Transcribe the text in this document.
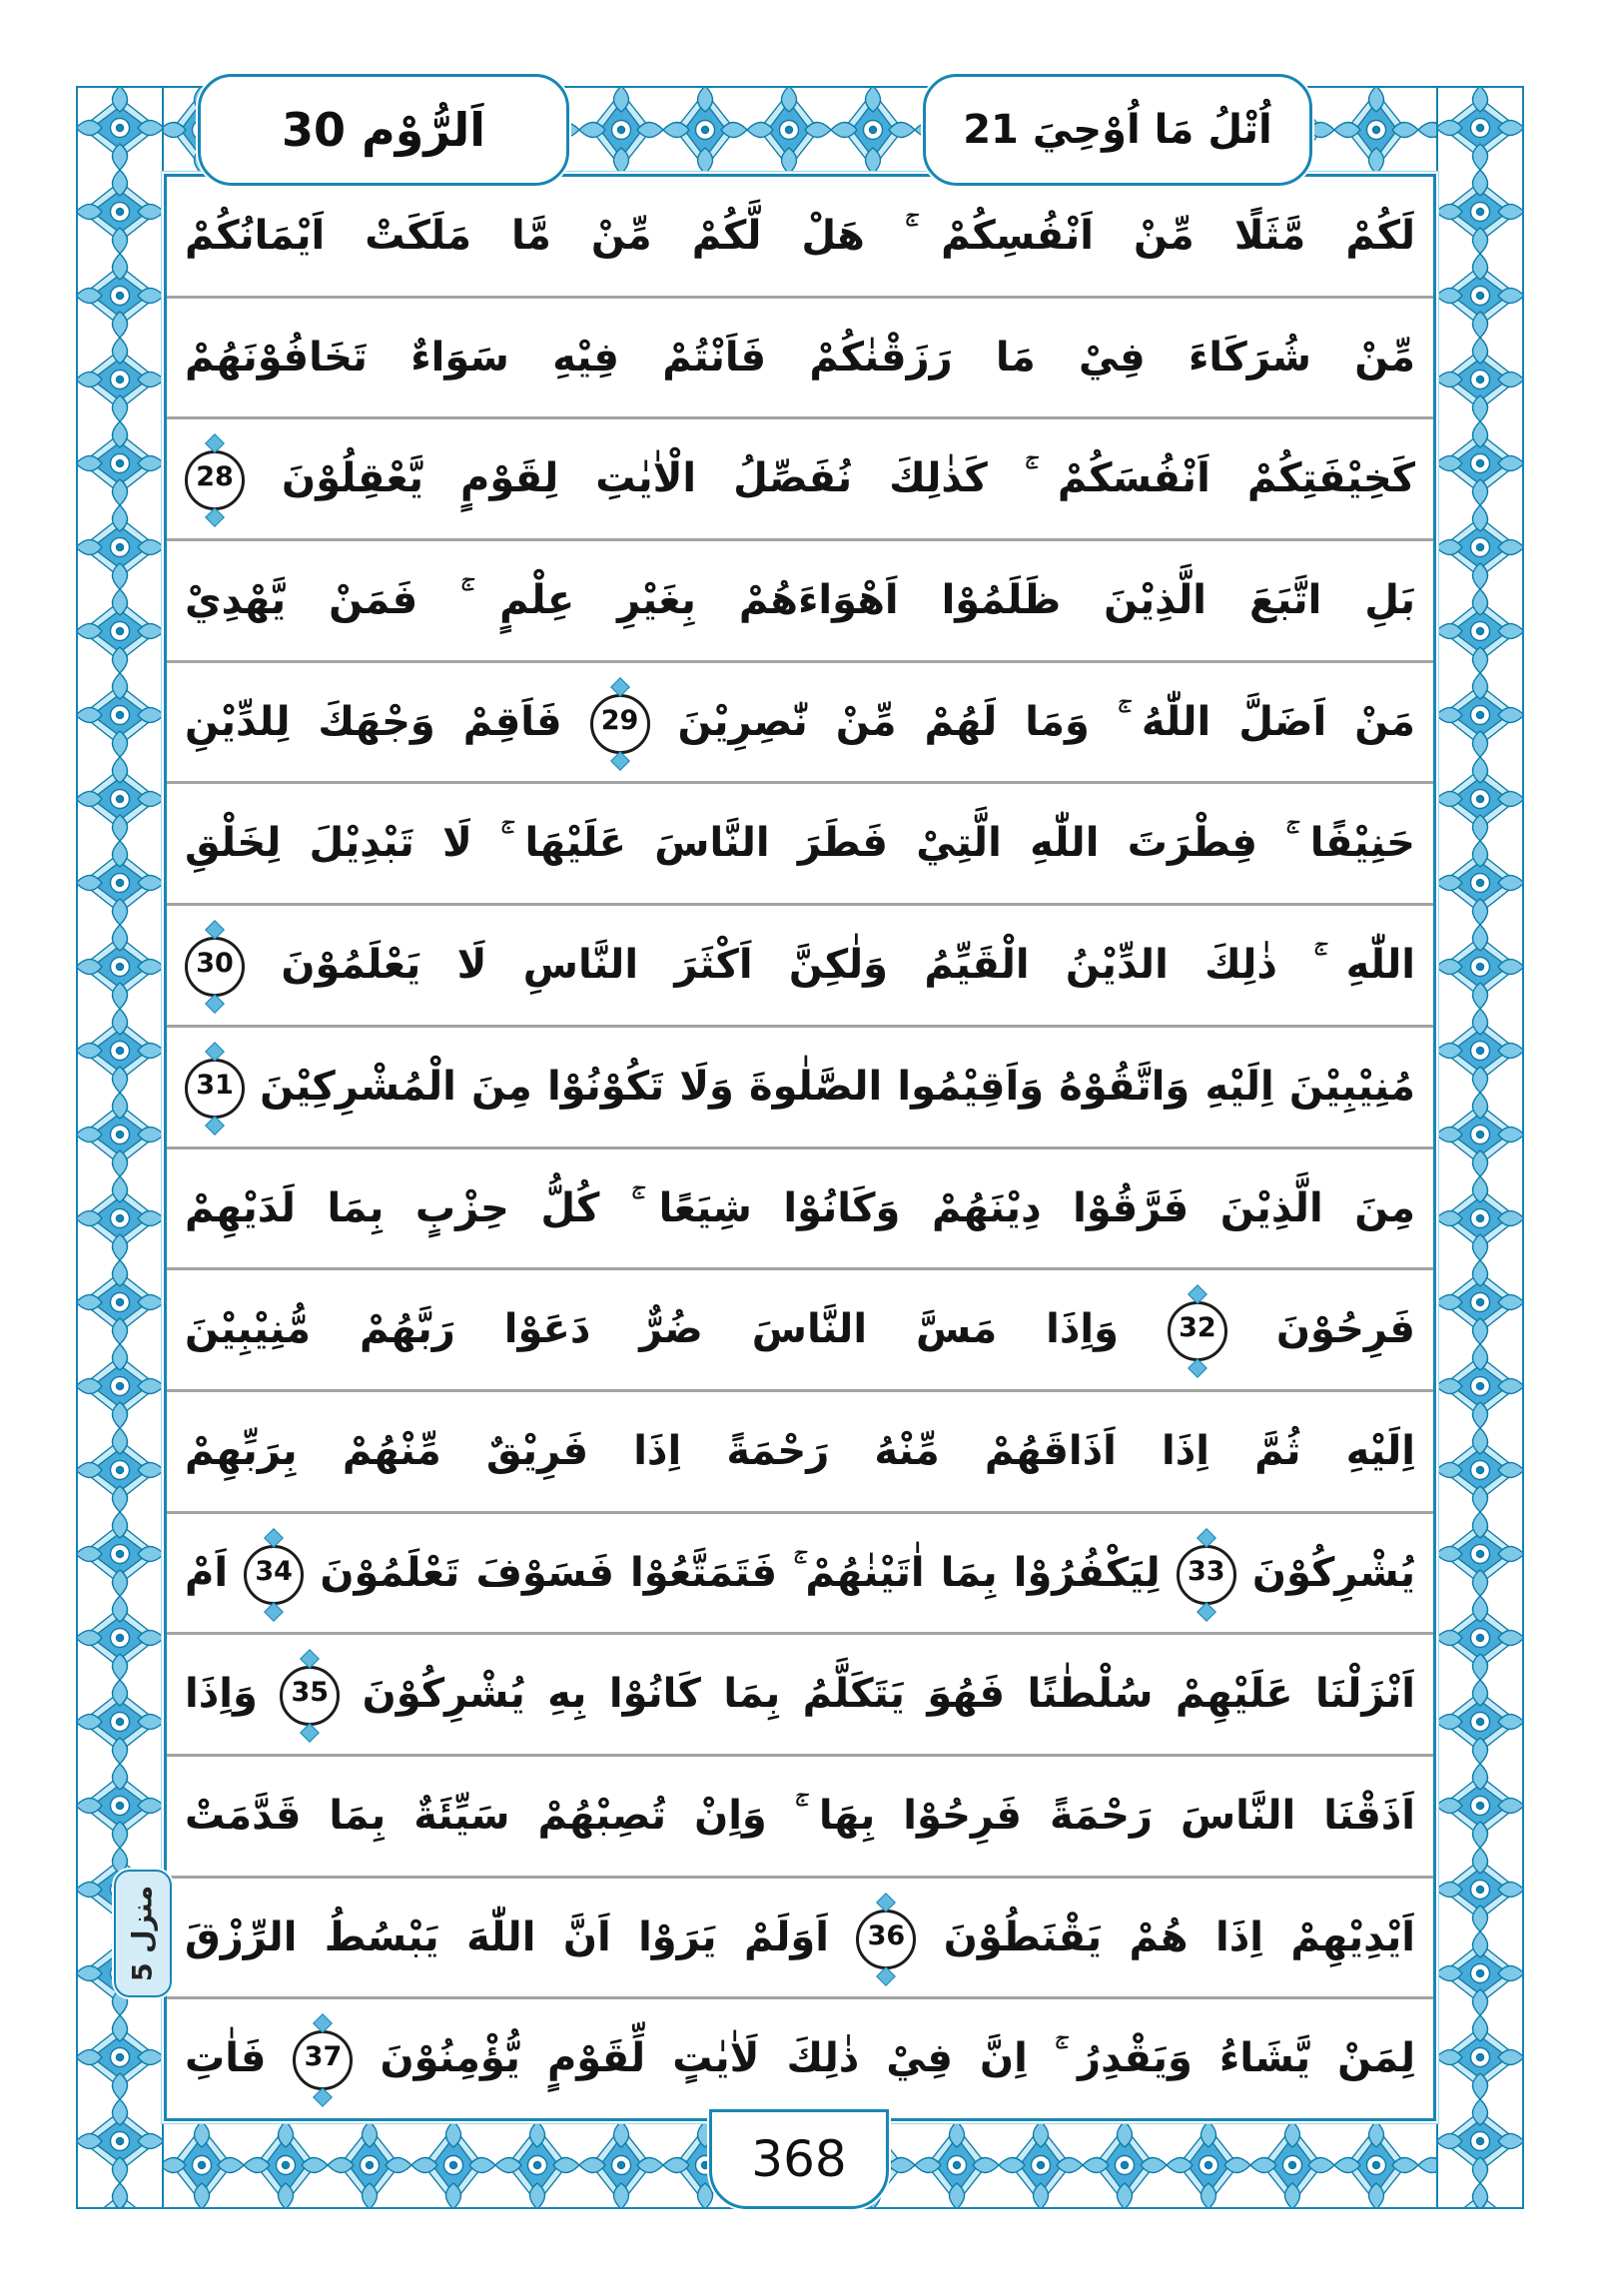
اَلرُّوْم 30	اُتْلُ مَا اُوْحِيَ 21
لَكُمْ مَّثَلًا مِّنْ اَنْفُسِكُمْ ۚ هَلْ لَّكُمْ مِّنْ مَّا مَلَكَتْ اَيْمَانُكُمْ
مِّنْ شُرَكَاءَ فِيْ مَا رَزَقْنٰكُمْ فَاَنْتُمْ فِيْهِ سَوَاءٌ تَخَافُوْنَهُمْ
كَخِيْفَتِكُمْ اَنْفُسَكُمْ ۚ كَذٰلِكَ نُفَصِّلُ الْاٰيٰتِ لِقَوْمٍ يَّعْقِلُوْنَ 28
بَلِ اتَّبَعَ الَّذِيْنَ ظَلَمُوْا اَهْوَاءَهُمْ بِغَيْرِ عِلْمٍ ۚ فَمَنْ يَّهْدِيْ
مَنْ اَضَلَّ اللّٰهُ ۚ وَمَا لَهُمْ مِّنْ نّٰصِرِيْنَ 29 فَاَقِمْ وَجْهَكَ لِلدِّيْنِ
حَنِيْفًا ۚ فِطْرَتَ اللّٰهِ الَّتِيْ فَطَرَ النَّاسَ عَلَيْهَا ۚ لَا تَبْدِيْلَ لِخَلْقِ
اللّٰهِ ۚ ذٰلِكَ الدِّيْنُ الْقَيِّمُ وَلٰكِنَّ اَكْثَرَ النَّاسِ لَا يَعْلَمُوْنَ 30
مُنِيْبِيْنَ اِلَيْهِ وَاتَّقُوْهُ وَاَقِيْمُوا الصَّلٰوةَ وَلَا تَكُوْنُوْا مِنَ الْمُشْرِكِيْنَ 31
مِنَ الَّذِيْنَ فَرَّقُوْا دِيْنَهُمْ وَكَانُوْا شِيَعًا ۚ كُلُّ حِزْبٍ بِمَا لَدَيْهِمْ
فَرِحُوْنَ 32 وَاِذَا مَسَّ النَّاسَ ضُرٌّ دَعَوْا رَبَّهُمْ مُّنِيْبِيْنَ
اِلَيْهِ ثُمَّ اِذَا اَذَاقَهُمْ مِّنْهُ رَحْمَةً اِذَا فَرِيْقٌ مِّنْهُمْ بِرَبِّهِمْ
يُشْرِكُوْنَ 33 لِيَكْفُرُوْا بِمَا اٰتَيْنٰهُمْ ۚ فَتَمَتَّعُوْا فَسَوْفَ تَعْلَمُوْنَ 34 اَمْ
اَنْزَلْنَا عَلَيْهِمْ سُلْطٰنًا فَهُوَ يَتَكَلَّمُ بِمَا كَانُوْا بِهِ يُشْرِكُوْنَ 35 وَاِذَا
اَذَقْنَا النَّاسَ رَحْمَةً فَرِحُوْا بِهَا ۚ وَاِنْ تُصِبْهُمْ سَيِّئَةٌ بِمَا قَدَّمَتْ
اَيْدِيْهِمْ اِذَا هُمْ يَقْنَطُوْنَ 36 اَوَلَمْ يَرَوْا اَنَّ اللّٰهَ يَبْسُطُ الرِّزْقَ
لِمَنْ يَّشَاءُ وَيَقْدِرُ ۚ اِنَّ فِيْ ذٰلِكَ لَاٰيٰتٍ لِّقَوْمٍ يُّؤْمِنُوْنَ 37 فَاٰتِ
منزل 5
368
